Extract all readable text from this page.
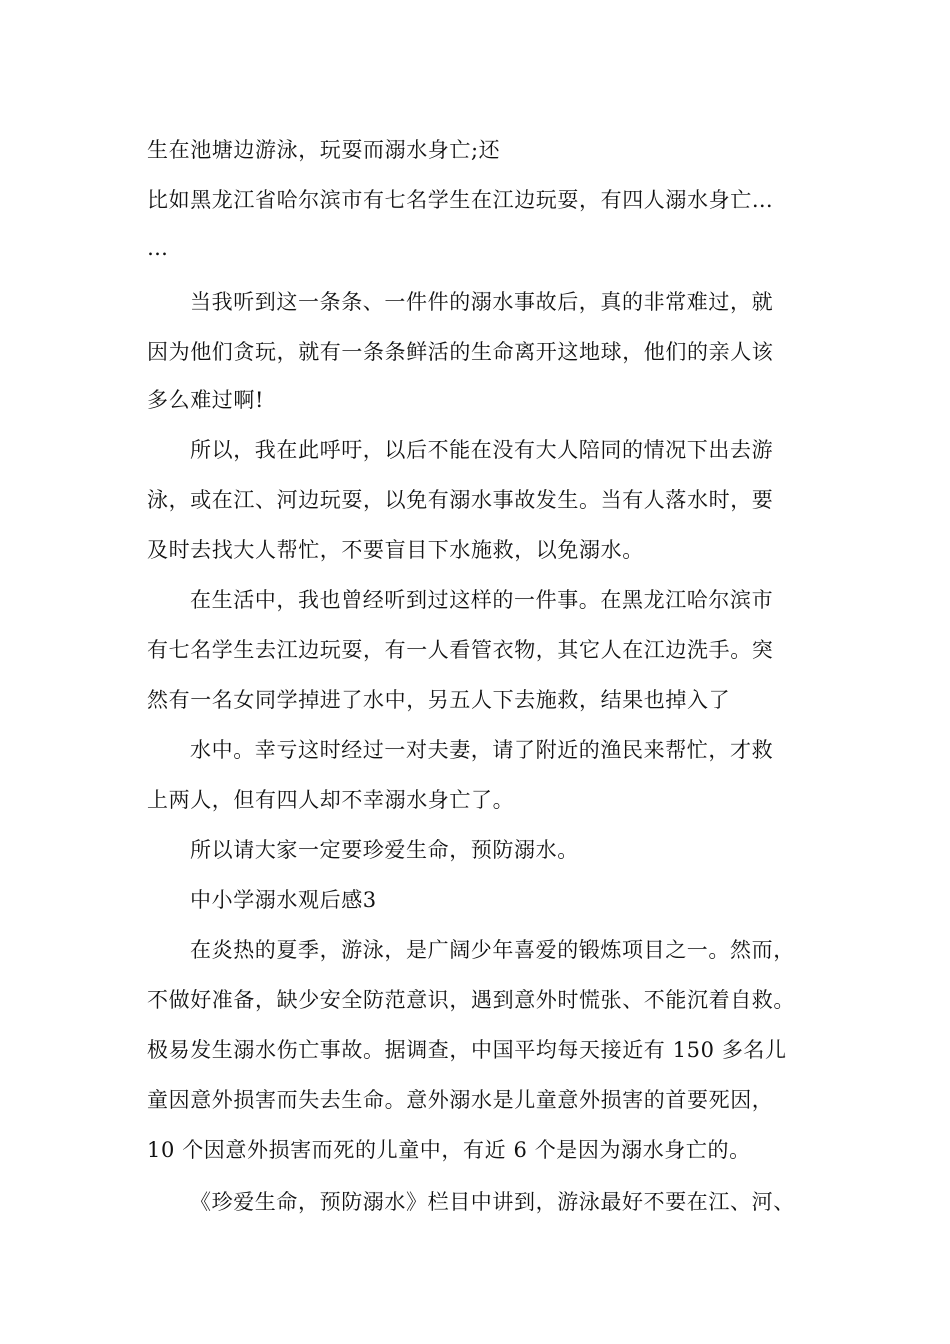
生在池塘边游泳，玩耍而溺水身亡;还
比如黑龙江省哈尔滨市有七名学生在江边玩耍，有四人溺水身亡…
…
当我听到这一条条、一件件的溺水事故后，真的非常难过，就
因为他们贪玩，就有一条条鲜活的生命离开这地球，他们的亲人该
多么难过啊!
所以，我在此呼吁，以后不能在没有大人陪同的情况下出去游
泳，或在江、河边玩耍，以免有溺水事故发生。当有人落水时，要
及时去找大人帮忙，不要盲目下水施救，以免溺水。
在生活中，我也曾经听到过这样的一件事。在黑龙江哈尔滨市
有七名学生去江边玩耍，有一人看管衣物，其它人在江边洗手。突
然有一名女同学掉进了水中，另五人下去施救，结果也掉入了
水中。幸亏这时经过一对夫妻，请了附近的渔民来帮忙，才救
上两人，但有四人却不幸溺水身亡了。
所以请大家一定要珍爱生命，预防溺水。
中小学溺水观后感3
在炎热的夏季，游泳，是广阔少年喜爱的锻炼项目之一。然而，
不做好准备，缺少安全防范意识，遇到意外时慌张、不能沉着自救。
极易发生溺水伤亡事故。据调查，中国平均每天接近有 150 多名儿
童因意外损害而失去生命。意外溺水是儿童意外损害的首要死因，
10 个因意外损害而死的儿童中，有近 6 个是因为溺水身亡的。
《珍爱生命，预防溺水》栏目中讲到，游泳最好不要在江、河、
